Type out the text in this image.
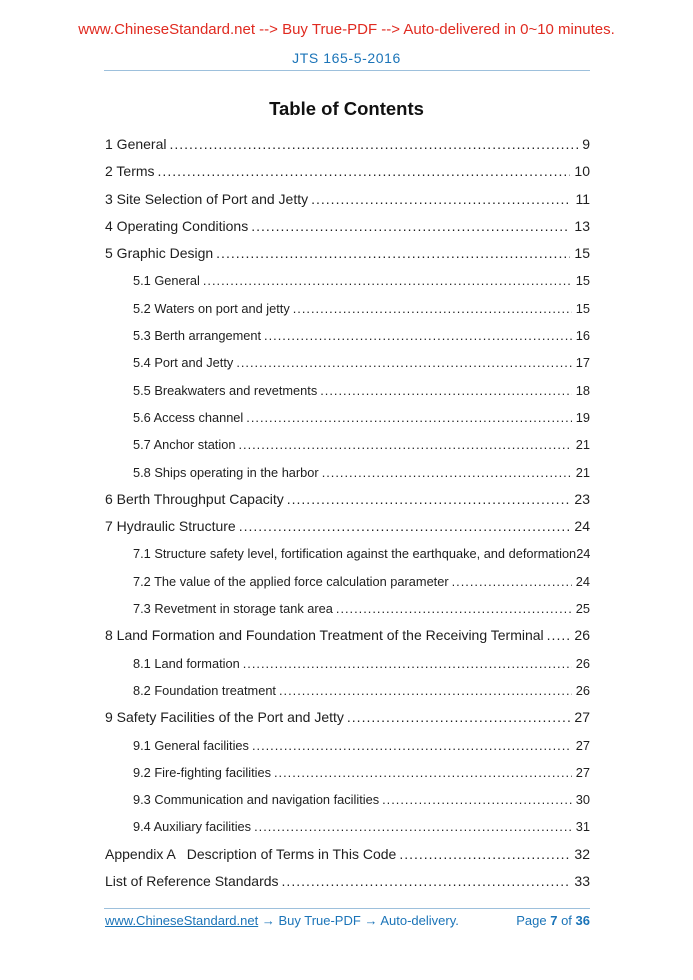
www.ChineseStandard.net --> Buy True-PDF --> Auto-delivered in 0~10 minutes.
JTS 165-5-2016
Table of Contents
1 General .....	9
2 Terms .....	10
3 Site Selection of Port and Jetty .....	11
4 Operating Conditions .....	13
5 Graphic Design .....	15
5.1 General .....	15
5.2 Waters on port and jetty .....	15
5.3 Berth arrangement .....	16
5.4 Port and Jetty .....	17
5.5 Breakwaters and revetments .....	18
5.6 Access channel .....	19
5.7 Anchor station .....	21
5.8 Ships operating in the harbor .....	21
6 Berth Throughput Capacity .....	23
7 Hydraulic Structure .....	24
7.1 Structure safety level, fortification against the earthquake, and deformation 24
7.2 The value of the applied force calculation parameter .....	24
7.3 Revetment in storage tank area .....	25
8 Land Formation and Foundation Treatment of the Receiving Terminal ..... 26
8.1 Land formation .....	26
8.2 Foundation treatment .....	26
9 Safety Facilities of the Port and Jetty .....	27
9.1 General facilities .....	27
9.2 Fire-fighting facilities .....	27
9.3 Communication and navigation facilities .....	30
9.4 Auxiliary facilities .....	31
Appendix A   Description of Terms in This Code .....	32
List of Reference Standards .....	33
www.ChineseStandard.net → Buy True-PDF → Auto-delivery.	Page 7 of 36
